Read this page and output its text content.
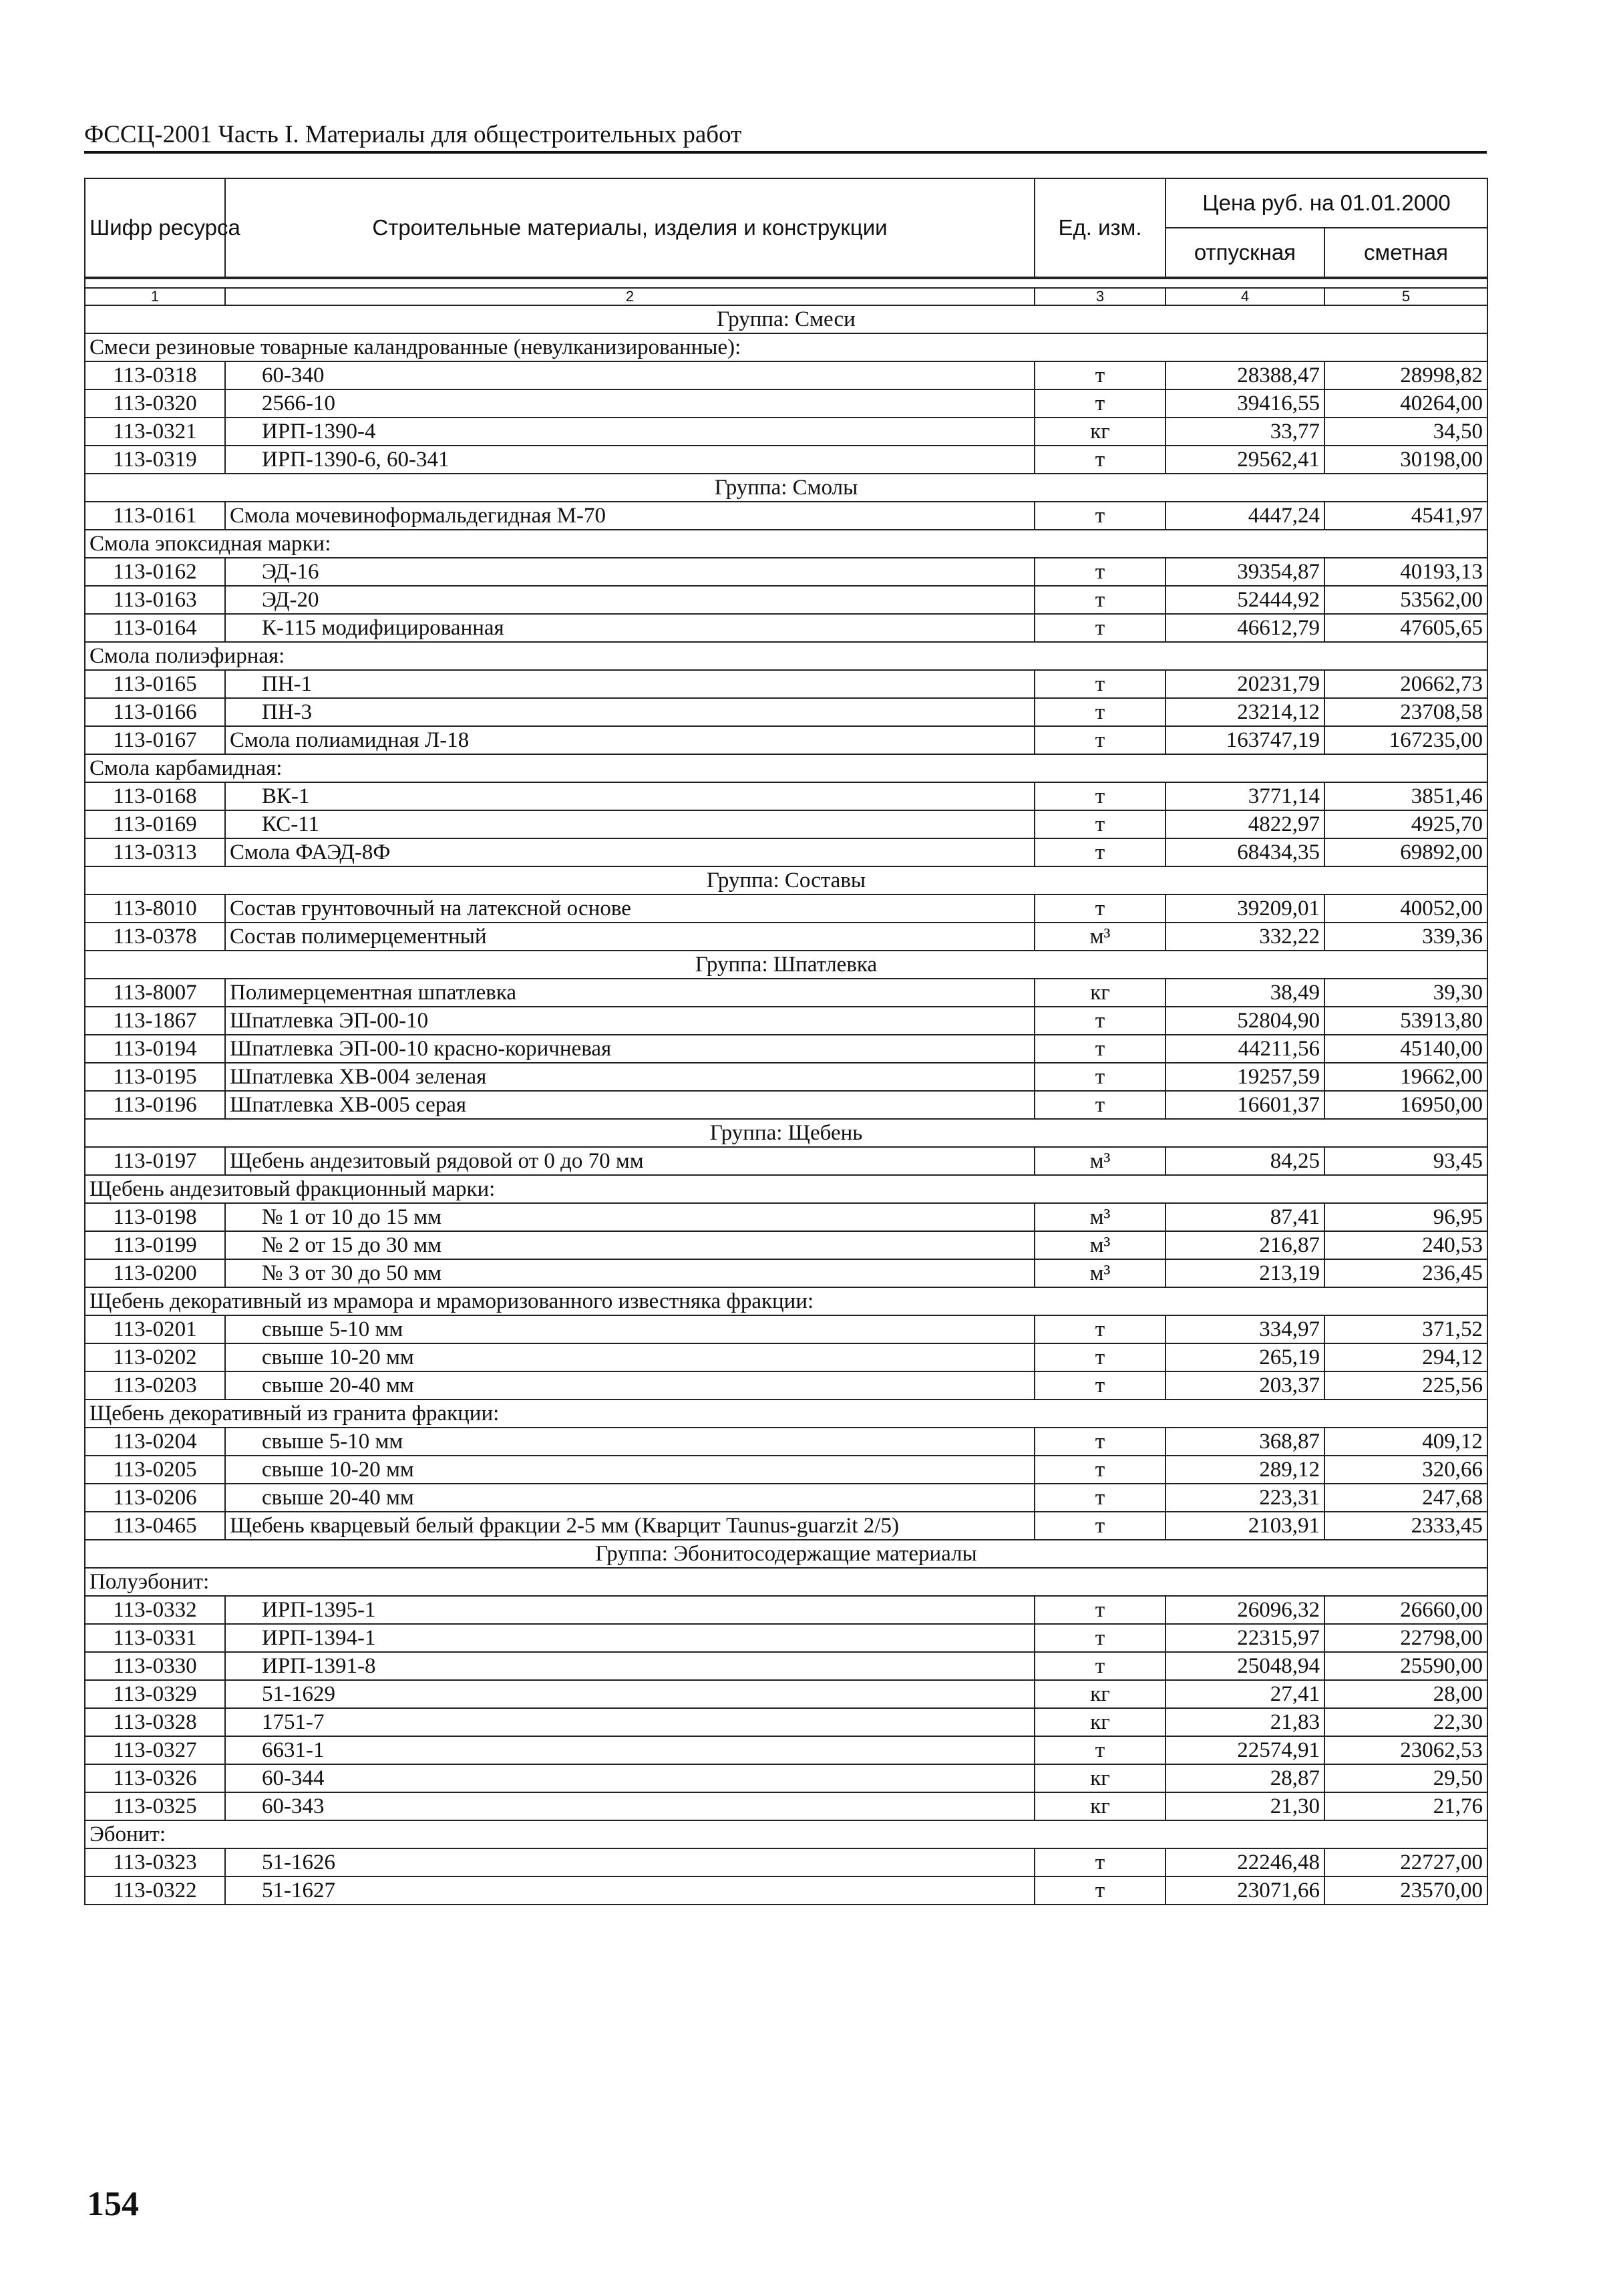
ФССЦ-2001 Часть I. Материалы для общестроительных работ
Шифр ресурса	Строительные материалы, изделия и конструкции	Ед. изм.	Цена руб. на 01.01.2000	
			отпускная	сметная

1	2	3	4	5
Группа: Смеси				
Смеси резиновые товарные каландрованные (невулканизированные):				
113-0318	60-340	т	28388,47	28998,82
113-0320	2566-10	т	39416,55	40264,00
113-0321	ИРП-1390-4	кг	33,77	34,50
113-0319	ИРП-1390-6, 60-341	т	29562,41	30198,00
Группа: Смолы				
113-0161	Смола мочевиноформальдегидная М-70	т	4447,24	4541,97
Смола эпоксидная марки:				
113-0162	ЭД-16	т	39354,87	40193,13
113-0163	ЭД-20	т	52444,92	53562,00
113-0164	К-115 модифицированная	т	46612,79	47605,65
Смола полиэфирная:				
113-0165	ПН-1	т	20231,79	20662,73
113-0166	ПН-3	т	23214,12	23708,58
113-0167	Смола полиамидная Л-18	т	163747,19	167235,00
Смола карбамидная:				
113-0168	ВК-1	т	3771,14	3851,46
113-0169	КС-11	т	4822,97	4925,70
113-0313	Смола ФАЭД-8Ф	т	68434,35	69892,00
Группа: Составы				
113-8010	Состав грунтовочный на латексной основе	т	39209,01	40052,00
113-0378	Состав полимерцементный	м³	332,22	339,36
Группа: Шпатлевка				
113-8007	Полимерцементная шпатлевка	кг	38,49	39,30
113-1867	Шпатлевка ЭП-00-10	т	52804,90	53913,80
113-0194	Шпатлевка ЭП-00-10 красно-коричневая	т	44211,56	45140,00
113-0195	Шпатлевка ХВ-004 зеленая	т	19257,59	19662,00
113-0196	Шпатлевка ХВ-005 серая	т	16601,37	16950,00
Группа: Щебень				
113-0197	Щебень андезитовый рядовой от 0 до 70 мм	м³	84,25	93,45
Щебень андезитовый фракционный марки:				
113-0198	№ 1 от 10 до 15 мм	м³	87,41	96,95
113-0199	№ 2 от 15 до 30 мм	м³	216,87	240,53
113-0200	№ 3 от 30 до 50 мм	м³	213,19	236,45
Щебень декоративный из мрамора и мраморизованного известняка фракции:				
113-0201	свыше 5-10 мм	т	334,97	371,52
113-0202	свыше 10-20 мм	т	265,19	294,12
113-0203	свыше 20-40 мм	т	203,37	225,56
Щебень декоративный из гранита фракции:				
113-0204	свыше 5-10 мм	т	368,87	409,12
113-0205	свыше 10-20 мм	т	289,12	320,66
113-0206	свыше 20-40 мм	т	223,31	247,68
113-0465	Щебень кварцевый белый фракции 2-5 мм (Кварцит Taunus-guarzit 2/5)	т	2103,91	2333,45
Группа: Эбонитосодержащие материалы				
Полуэбонит:				
113-0332	ИРП-1395-1	т	26096,32	26660,00
113-0331	ИРП-1394-1	т	22315,97	22798,00
113-0330	ИРП-1391-8	т	25048,94	25590,00
113-0329	51-1629	кг	27,41	28,00
113-0328	1751-7	кг	21,83	22,30
113-0327	6631-1	т	22574,91	23062,53
113-0326	60-344	кг	28,87	29,50
113-0325	60-343	кг	21,30	21,76
Эбонит:				
113-0323	51-1626	т	22246,48	22727,00
113-0322	51-1627	т	23071,66	23570,00
154
